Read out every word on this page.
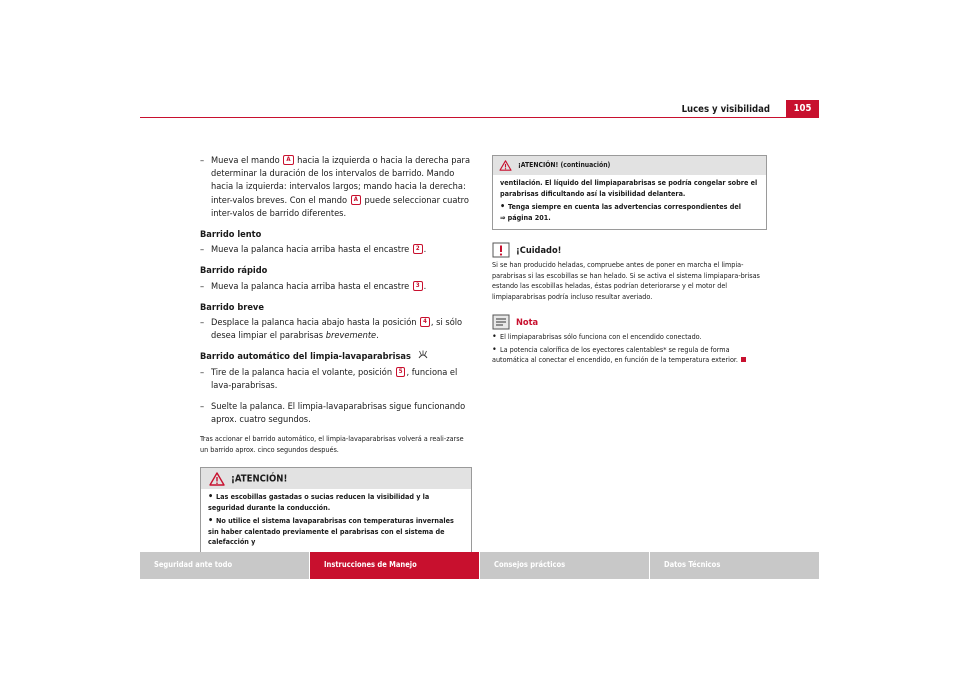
Luces y visibilidad	105

– Mueva el mando A hacia la izquierda o hacia la derecha para determinar la duración de los intervalos de barrido. Mando hacia la izquierda: intervalos largos; mando hacia la derecha: inter-valos breves. Con el mando A puede seleccionar cuatro inter-valos de barrido diferentes.

Barrido lento

– Mueva la palanca hacia arriba hasta el encastre 2 .

Barrido rápido

– Mueva la palanca hacia arriba hasta el encastre 3 .

Barrido breve

– Desplace la palanca hacia abajo hasta la posición 4 , si sólo desea limpiar el parabrisas brevemente.

Barrido automático del limpia-lavaparabrisas

– Tire de la palanca hacia el volante, posición 5 , funciona el lava-parabrisas.

– Suelte la palanca. El limpia-lavaparabrisas sigue funcionando aprox. cuatro segundos.

Tras accionar el barrido automático, el limpia-lavaparabrisas volverá a reali-zarse un barrido aprox. cinco segundos después.

¡ATENCIÓN!

• Las escobillas gastadas o sucias reducen la visibilidad y la seguridad durante la conducción.

• No utilice el sistema lavaparabrisas con temperaturas invernales sin haber calentado previamente el parabrisas con el sistema de calefacción y

¡ATENCIÓN! (continuación)

ventilación. El líquido del limpiaparabrisas se podría congelar sobre el parabrisas dificultando así la visibilidad delantera.

• Tenga siempre en cuenta las advertencias correspondientes del

⇒ página 201.

¡Cuidado!

Si se han producido heladas, compruebe antes de poner en marcha el limpia-parabrisas si las escobillas se han helado. Si se activa el sistema limpiapara-brisas estando las escobillas heladas, éstas podrían deteriorarse y el motor del limpiaparabrisas podría incluso resultar averiado.

Nota

• El limpiaparabrisas sólo funciona con el encendido conectado.

• La potencia calorífica de los eyectores calentables* se regula de forma automática al conectar el encendido, en función de la temperatura exterior.

Seguridad ante todo	Instrucciones de Manejo	Consejos prácticos	Datos Técnicos
